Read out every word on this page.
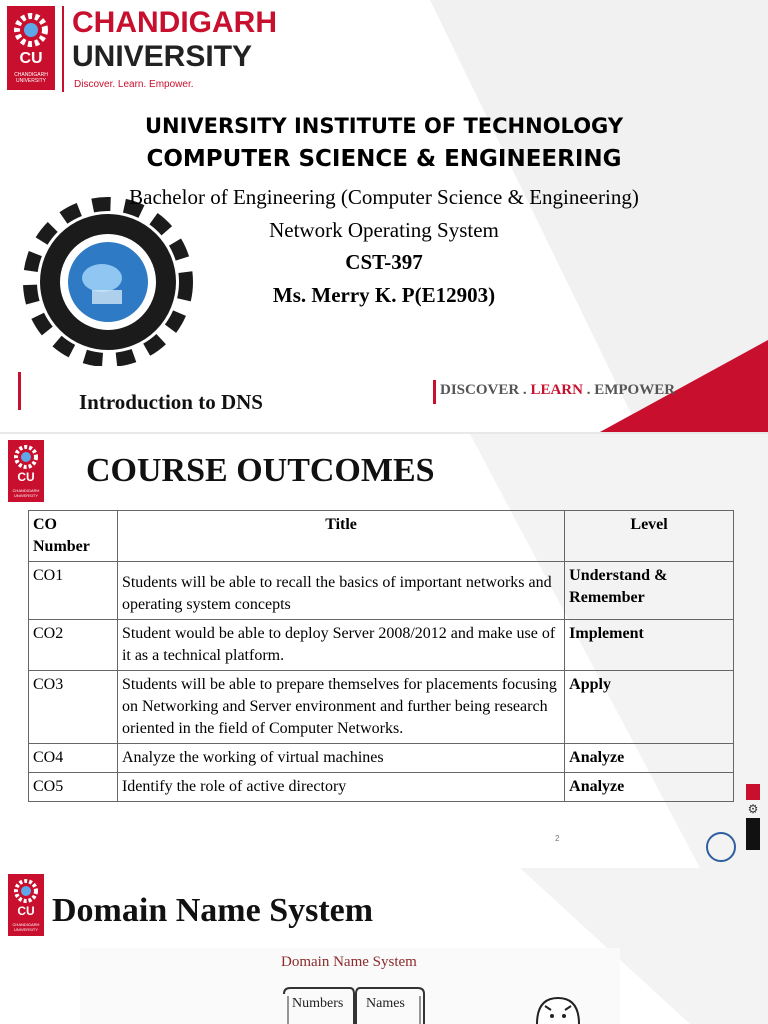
CU
CHANDIGARH UNIVERSITY
CHANDIGARH
UNIVERSITY
Discover. Learn. Empower.
UNIVERSITY INSTITUTE OF TECHNOLOGY
COMPUTER SCIENCE & ENGINEERING
Bachelor of Engineering (Computer Science & Engineering)
Network Operating System
CST-397
Ms. Merry K. P(E12903)
Introduction to DNS	DISCOVER . LEARN . EMPOWER
CU
CHANDIGARH UNIVERSITY
COURSE OUTCOMES
CO Number	Title	Level
CO1	Students will be able to recall the basics of important networks and operating system concepts	Understand & Remember
CO2	Student would be able to deploy Server 2008/2012 and make use of it as a technical platform.	Implement
CO3	Students will be able to prepare themselves for placements focusing on Networking and Server environment and further being research oriented in the field of Computer Networks.	Apply
CO4	Analyze the working of virtual machines	Analyze
CO5	Identify the role of active directory	Analyze
2
⚙
CU
CHANDIGARH UNIVERSITY
Domain Name System
Domain Name System
Numbers Names
